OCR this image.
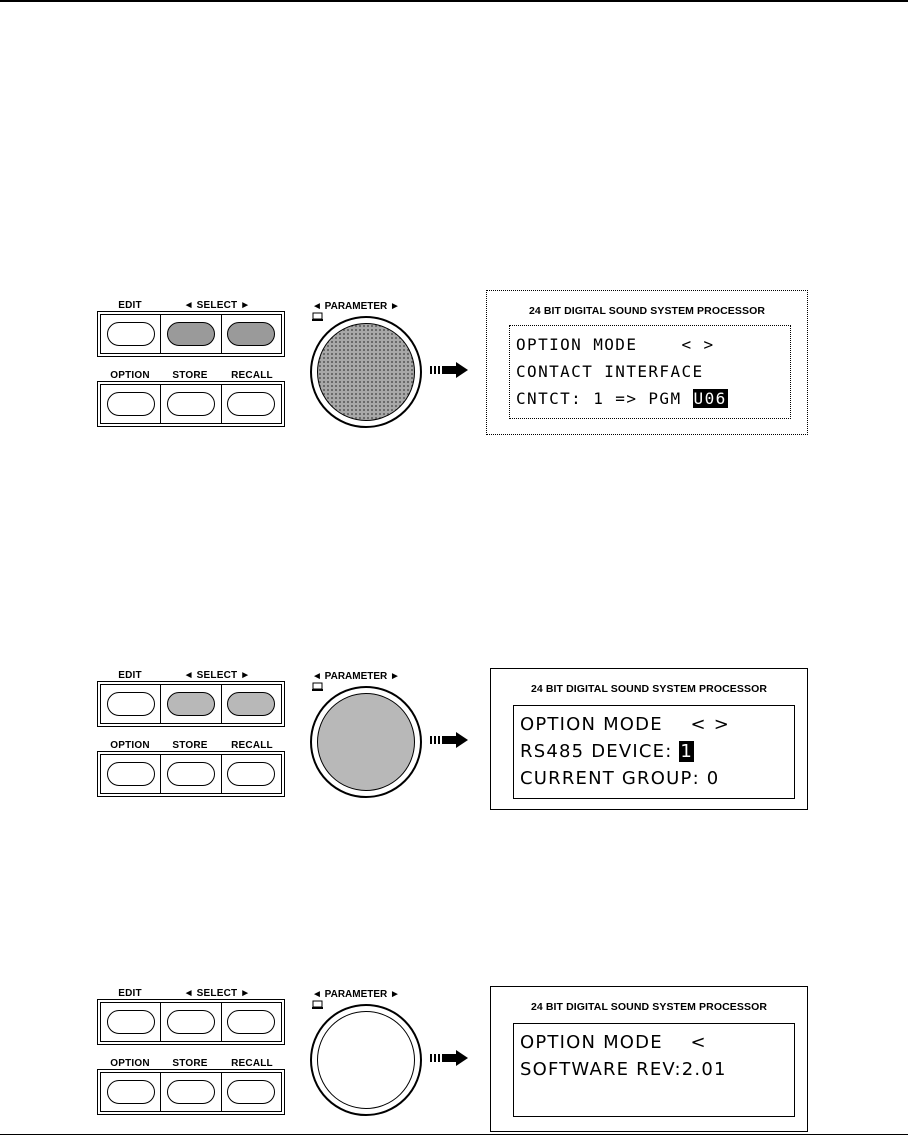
EDIT	◄ SELECT ►
OPTION	STORE	RECALL
◄ PARAMETER ►	24 BIT DIGITAL SOUND SYSTEM PROCESSOR
OPTION MODE    < >
CONTACT INTERFACE
CNTCT: 1 => PGM U06
EDIT	◄ SELECT ►
OPTION	STORE	RECALL
◄ PARAMETER ►
24 BIT DIGITAL SOUND SYSTEM PROCESSOR
OPTION MODE    < >
RS485 DEVICE: 1
CURRENT GROUP: 0
EDIT	◄ SELECT ►
OPTION	STORE	RECALL
◄ PARAMETER ►
24 BIT DIGITAL SOUND SYSTEM PROCESSOR
OPTION MODE    <
SOFTWARE REV:2.01
